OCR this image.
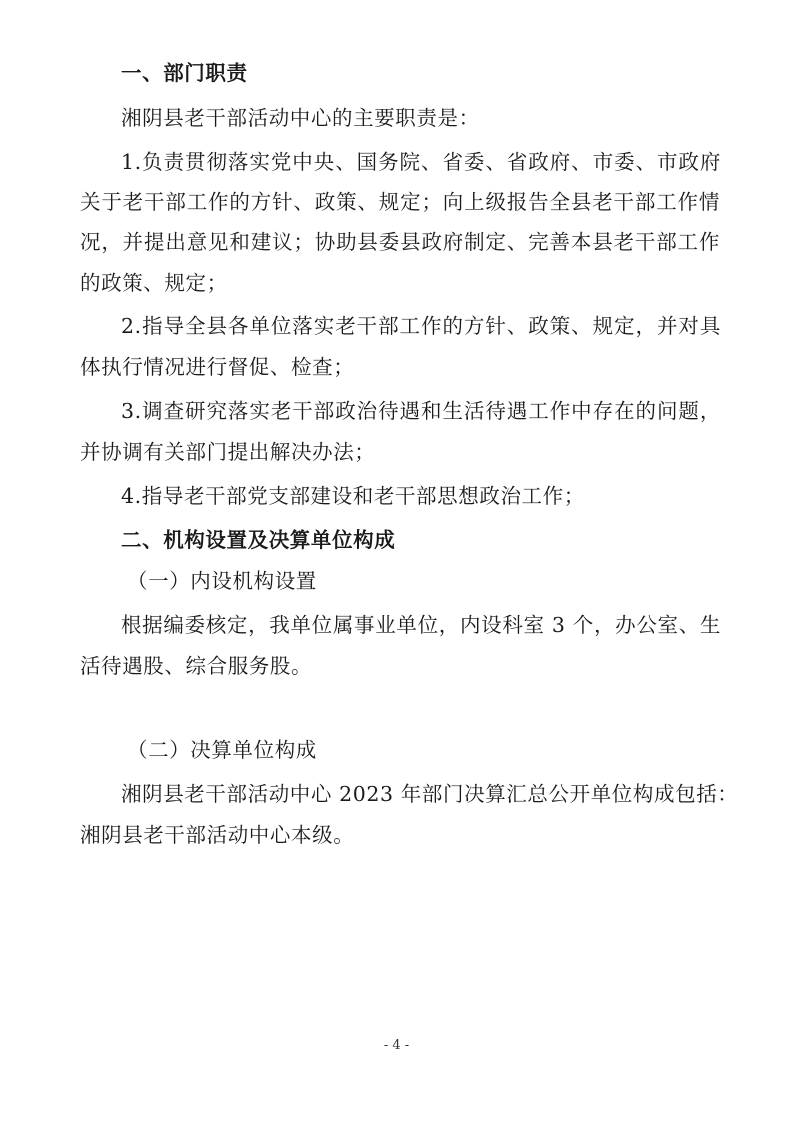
一、部门职责
湘阴县老干部活动中心的主要职责是：
1.负责贯彻落实党中央、国务院、省委、省政府、市委、市政府
关于老干部工作的方针、政策、规定；向上级报告全县老干部工作情
况，并提出意见和建议；协助县委县政府制定、完善本县老干部工作
的政策、规定；
2.指导全县各单位落实老干部工作的方针、政策、规定，并对具
体执行情况进行督促、检查；
3.调查研究落实老干部政治待遇和生活待遇工作中存在的问题，
并协调有关部门提出解决办法；
4.指导老干部党支部建设和老干部思想政治工作；
二、机构设置及决算单位构成
（一）内设机构设置
根据编委核定，我单位属事业单位，内设科室 3 个，办公室、生
活待遇股、综合服务股。
（二）决算单位构成
湘阴县老干部活动中心 2023 年部门决算汇总公开单位构成包括：
湘阴县老干部活动中心本级。
- 4 -
